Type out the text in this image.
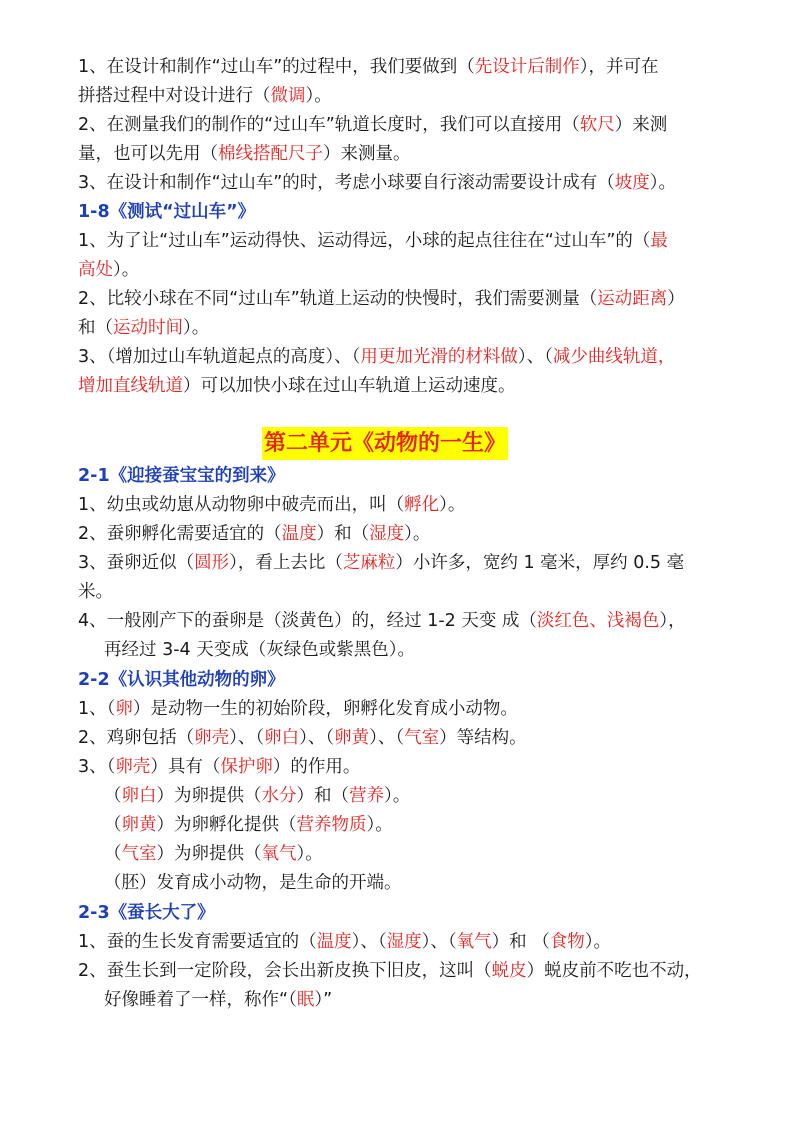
1、在设计和制作“过山车”的过程中，我们要做到（先设计后制作），并可在
拼搭过程中对设计进行（微调）。
2、在测量我们的制作的“过山车”轨道长度时，我们可以直接用（软尺）来测
量，也可以先用（棉线搭配尺子）来测量。
3、在设计和制作“过山车”的时，考虑小球要自行滚动需要设计成有（坡度）。
1-8《测试“过山车”》
1、为了让“过山车”运动得快、运动得远，小球的起点往往在“过山车”的（最
高处）。
2、比较小球在不同“过山车”轨道上运动的快慢时，我们需要测量（运动距离）
和（运动时间）。
3、（增加过山车轨道起点的高度）、（用更加光滑的材料做）、（减少曲线轨道，
增加直线轨道）可以加快小球在过山车轨道上运动速度。
第二单元《动物的一生》
2-1《迎接蚕宝宝的到来》
1、幼虫或幼崽从动物卵中破壳而出，叫（孵化）。
2、蚕卵孵化需要适宜的（温度）和（湿度）。
3、蚕卵近似（圆形），看上去比（芝麻粒）小许多，宽约 1 毫米，厚约 0.5 毫
米。
4、一般刚产下的蚕卵是（淡黄色）的，经过 1-2 天变 成（淡红色、浅褐色），
再经过 3-4 天变成（灰绿色或紫黑色）。
2-2《认识其他动物的卵》
1、（卵）是动物一生的初始阶段，卵孵化发育成小动物。
2、鸡卵包括（卵壳）、（卵白）、（卵黄）、（气室）等结构。
3、（卵壳）具有（保护卵）的作用。
（卵白）为卵提供（水分）和（营养）。
（卵黄）为卵孵化提供（营养物质）。
（气室）为卵提供（氧气）。
（胚）发育成小动物，是生命的开端。
2-3《蚕长大了》
1、蚕的生长发育需要适宜的（温度）、（湿度）、（氧气）和 （食物）。
2、蚕生长到一定阶段，会长出新皮换下旧皮，这叫（蜕皮）蜕皮前不吃也不动，
好像睡着了一样，称作“（眠）”
